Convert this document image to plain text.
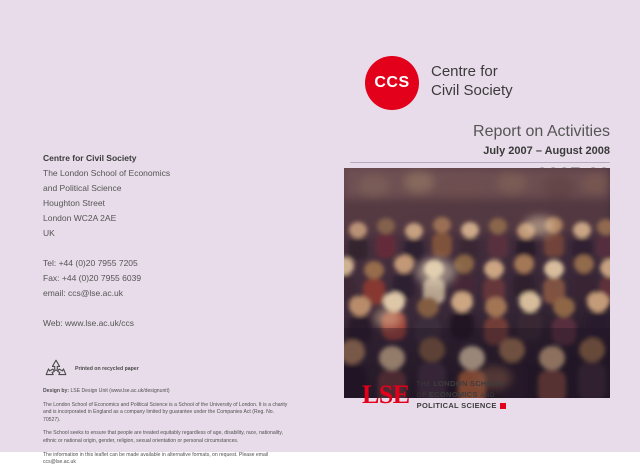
Centre for Civil Society
The London School of Economics
and Political Science
Houghton Street
London WC2A 2AE
UK
Tel: +44 (0)20 7955 7205
Fax: +44 (0)20 7955 6039
email: ccs@lse.ac.uk
Web: www.lse.ac.uk/ccs
Printed on recycled paper

Design by: LSE Design Unit (www.lse.ac.uk/designunit)

The London School of Economics and Political Science is a School of the University of London. It is a charity and is incorporated in England as a company limited by guarantee under the Companies Act (Reg. No. 70527).

The School seeks to ensure that people are treated equitably regardless of age, disability, race, nationality, ethnic or national origin, gender, religion, sexual orientation or personal circumstances.

The information in this leaflet can be made available in alternative formats, on request. Please email ccs@lse.ac.uk

CCS
Centre for
Civil Society
Report on Activities
July 2007 – August 2008
LSE THE LONDON SCHOOL
OF ECONOMICS AND
POLITICAL SCIENCE
